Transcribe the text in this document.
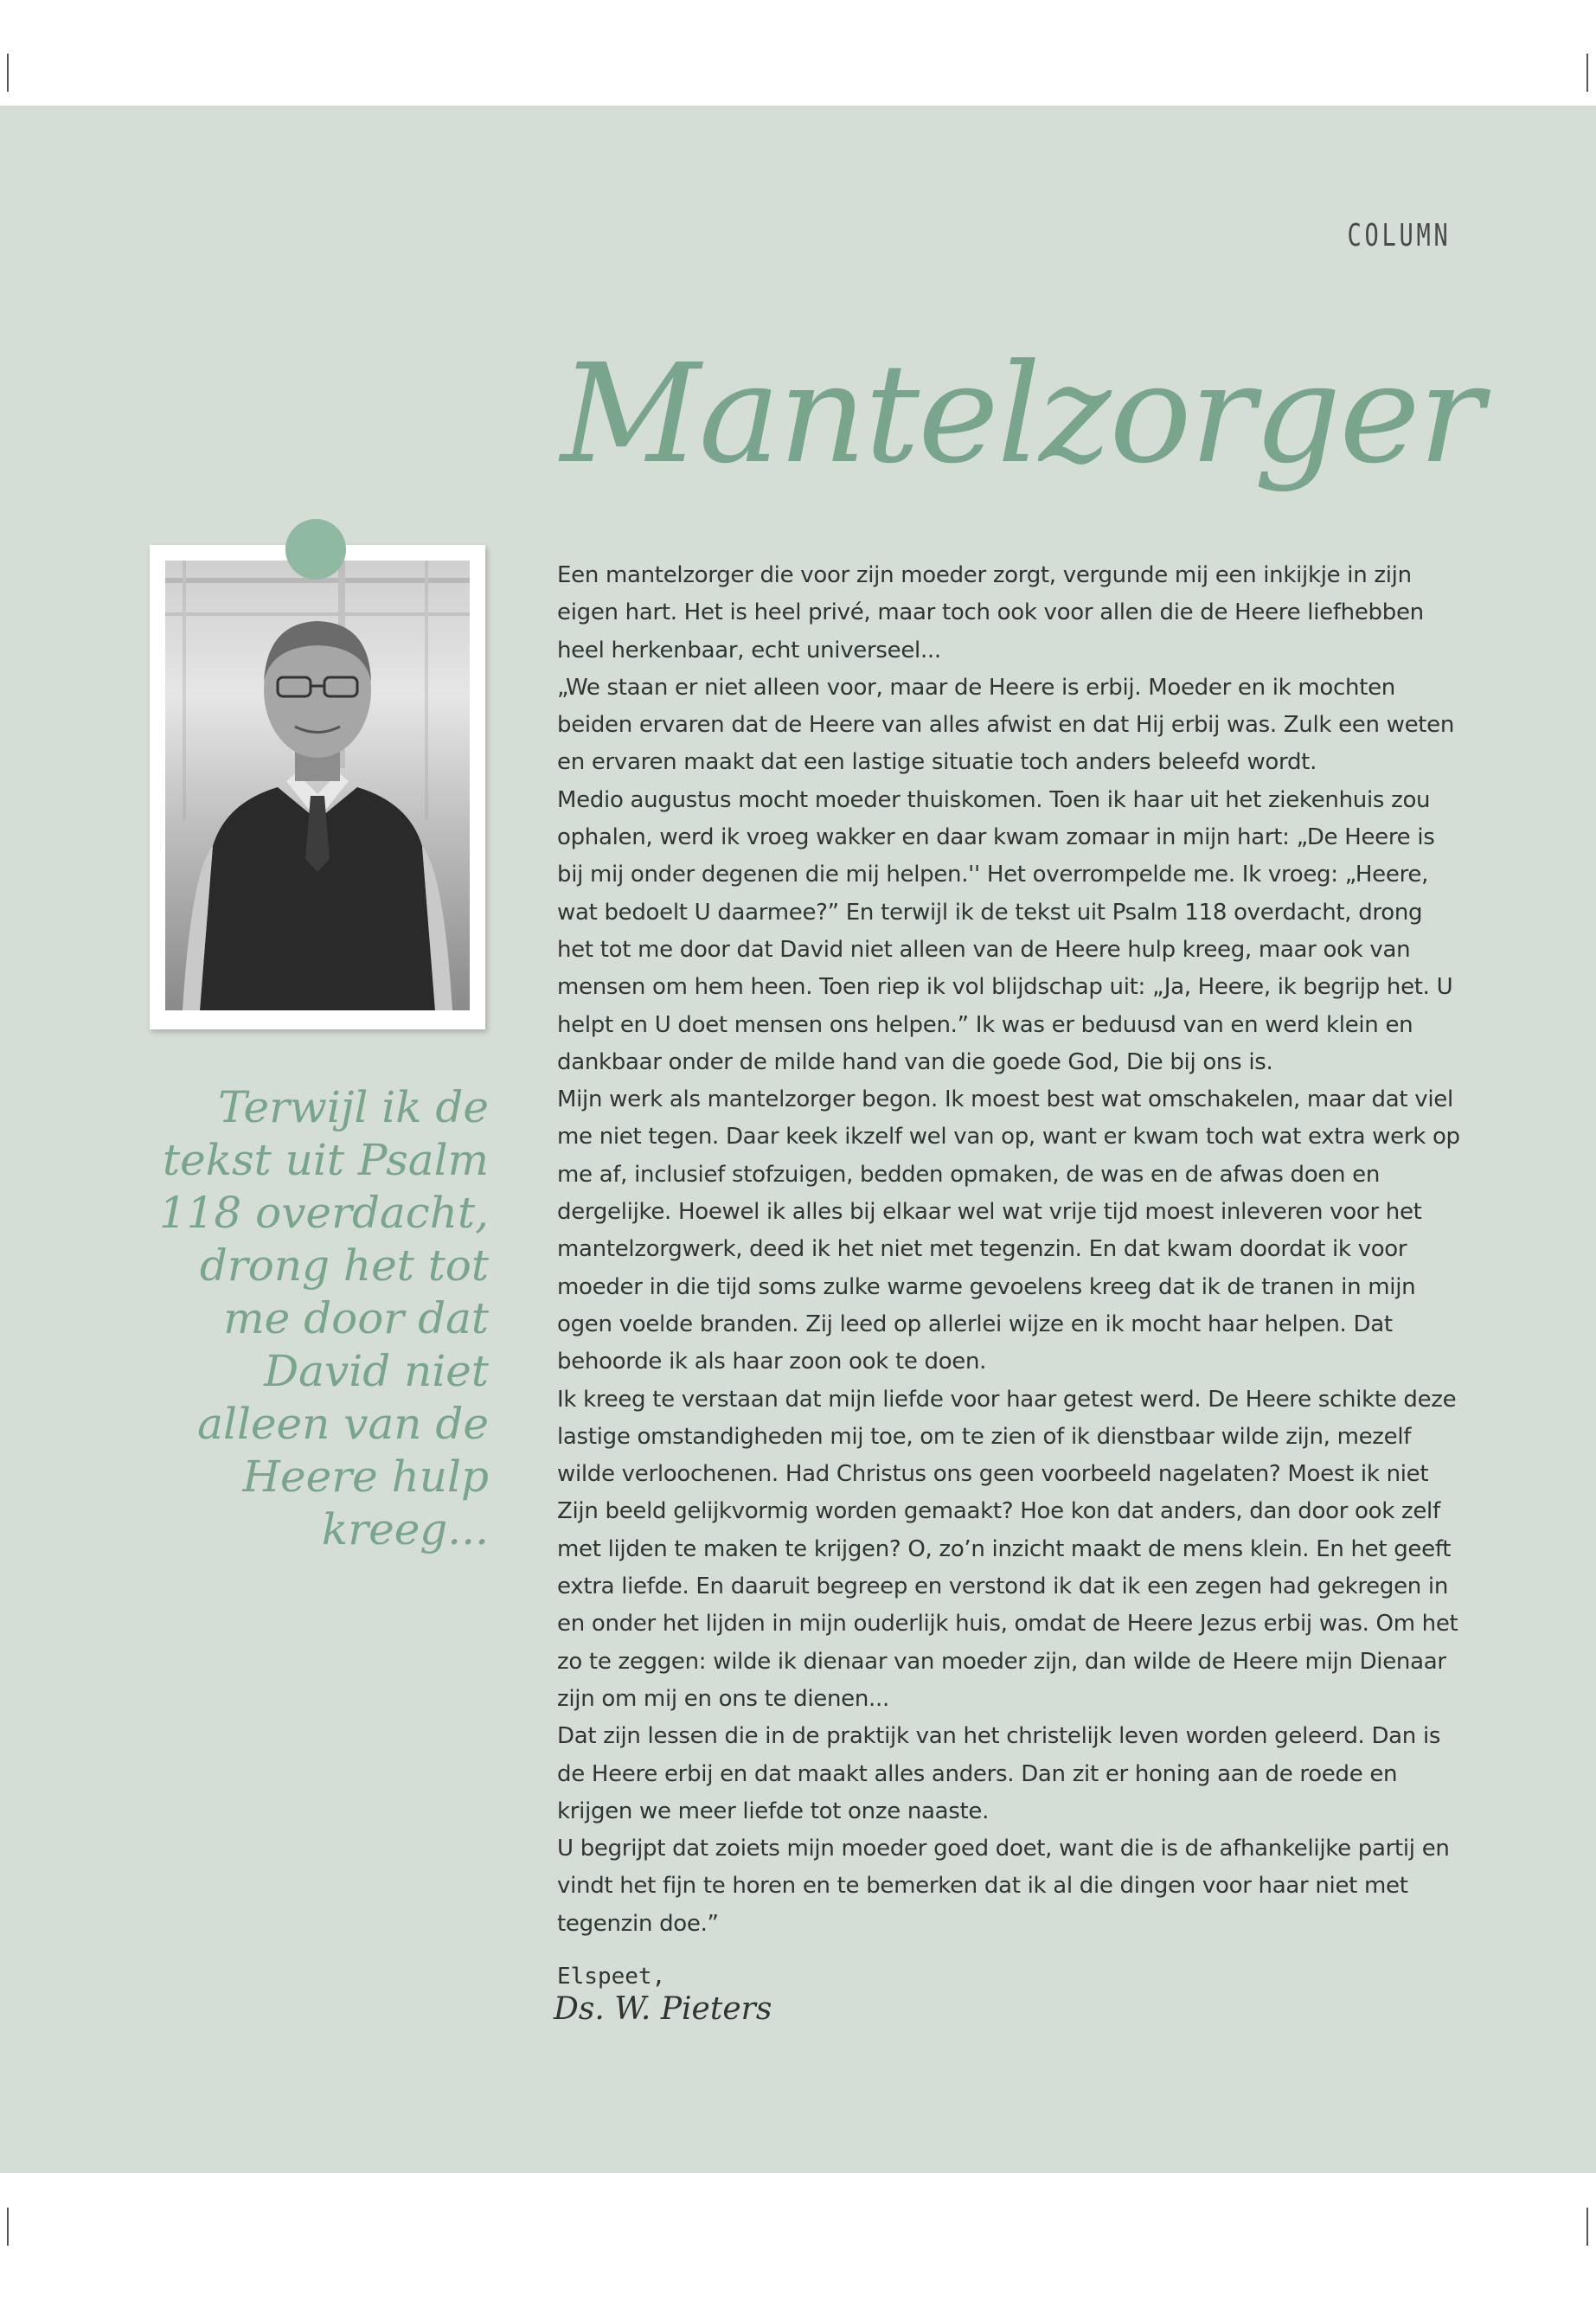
COLUMN
Mantelzorger

Terwijl ik de tekst uit Psalm 118 overdacht, drong het tot me door dat David niet alleen van de Heere hulp kreeg...

Een mantelzorger die voor zijn moeder zorgt, vergunde mij een inkijkje in zijn eigen hart. Het is heel privé, maar toch ook voor allen die de Heere liefhebben heel herkenbaar, echt universeel...

„We staan er niet alleen voor, maar de Heere is erbij. Moeder en ik mochten beiden ervaren dat de Heere van alles afwist en dat Hij erbij was. Zulk een weten en ervaren maakt dat een lastige situatie toch anders beleefd wordt.

Medio augustus mocht moeder thuiskomen. Toen ik haar uit het ziekenhuis zou ophalen, werd ik vroeg wakker en daar kwam zomaar in mijn hart: „De Heere is bij mij onder degenen die mij helpen.'' Het overrompelde me. Ik vroeg: „Heere, wat bedoelt U daarmee?” En terwijl ik de tekst uit Psalm 118 overdacht, drong het tot me door dat David niet alleen van de Heere hulp kreeg, maar ook van mensen om hem heen. Toen riep ik vol blijdschap uit: „Ja, Heere, ik begrijp het. U helpt en U doet mensen ons helpen.” Ik was er beduusd van en werd klein en dankbaar onder de milde hand van die goede God, Die bij ons is.

Mijn werk als mantelzorger begon. Ik moest best wat omschakelen, maar dat viel me niet tegen. Daar keek ikzelf wel van op, want er kwam toch wat extra werk op me af, inclusief stofzuigen, bedden opmaken, de was en de afwas doen en dergelijke. Hoewel ik alles bij elkaar wel wat vrije tijd moest inleveren voor het mantelzorgwerk, deed ik het niet met tegenzin. En dat kwam doordat ik voor moeder in die tijd soms zulke warme gevoelens kreeg dat ik de tranen in mijn ogen voelde branden. Zij leed op allerlei wijze en ik mocht haar helpen. Dat behoorde ik als haar zoon ook te doen.

Ik kreeg te verstaan dat mijn liefde voor haar getest werd. De Heere schikte deze lastige omstandigheden mij toe, om te zien of ik dienstbaar wilde zijn, mezelf wilde verloochenen. Had Christus ons geen voorbeeld nagelaten? Moest ik niet Zijn beeld gelijkvormig worden gemaakt? Hoe kon dat anders, dan door ook zelf met lijden te maken te krijgen? O, zo’n inzicht maakt de mens klein. En het geeft extra liefde. En daaruit begreep en verstond ik dat ik een zegen had gekregen in en onder het lijden in mijn ouderlijk huis, omdat de Heere Jezus erbij was. Om het zo te zeggen: wilde ik dienaar van moeder zijn, dan wilde de Heere mijn Dienaar zijn om mij en ons te dienen...

Dat zijn lessen die in de praktijk van het christelijk leven worden geleerd. Dan is de Heere erbij en dat maakt alles anders. Dan zit er honing aan de roede en krijgen we meer liefde tot onze naaste.

U begrijpt dat zoiets mijn moeder goed doet, want die is de afhankelijke partij en vindt het fijn te horen en te bemerken dat ik al die dingen voor haar niet met tegenzin doe.”

Elspeet,
Ds. W. Pieters
